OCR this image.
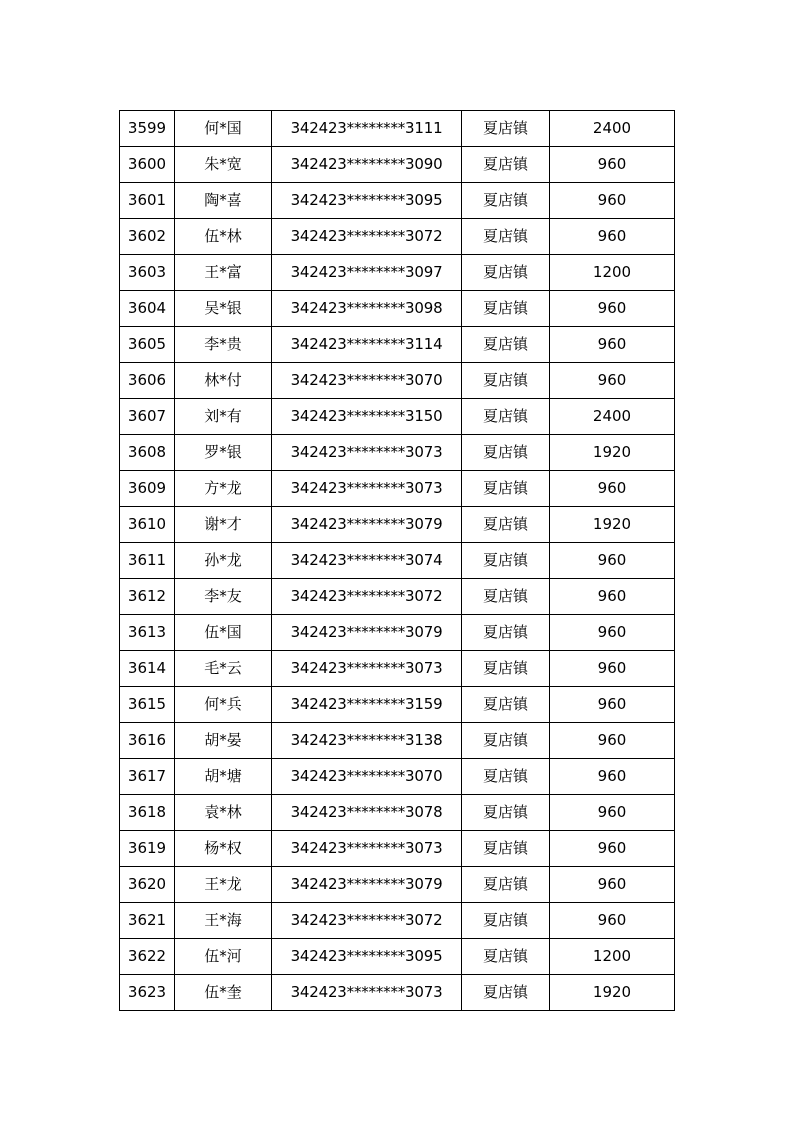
3599	何*国	342423********3111	夏店镇	2400
3600	朱*宽	342423********3090	夏店镇	960
3601	陶*喜	342423********3095	夏店镇	960
3602	伍*林	342423********3072	夏店镇	960
3603	王*富	342423********3097	夏店镇	1200
3604	吴*银	342423********3098	夏店镇	960
3605	李*贵	342423********3114	夏店镇	960
3606	林*付	342423********3070	夏店镇	960
3607	刘*有	342423********3150	夏店镇	2400
3608	罗*银	342423********3073	夏店镇	1920
3609	方*龙	342423********3073	夏店镇	960
3610	谢*才	342423********3079	夏店镇	1920
3611	孙*龙	342423********3074	夏店镇	960
3612	李*友	342423********3072	夏店镇	960
3613	伍*国	342423********3079	夏店镇	960
3614	毛*云	342423********3073	夏店镇	960
3615	何*兵	342423********3159	夏店镇	960
3616	胡*晏	342423********3138	夏店镇	960
3617	胡*塘	342423********3070	夏店镇	960
3618	袁*林	342423********3078	夏店镇	960
3619	杨*权	342423********3073	夏店镇	960
3620	王*龙	342423********3079	夏店镇	960
3621	王*海	342423********3072	夏店镇	960
3622	伍*河	342423********3095	夏店镇	1200
3623	伍*奎	342423********3073	夏店镇	1920
